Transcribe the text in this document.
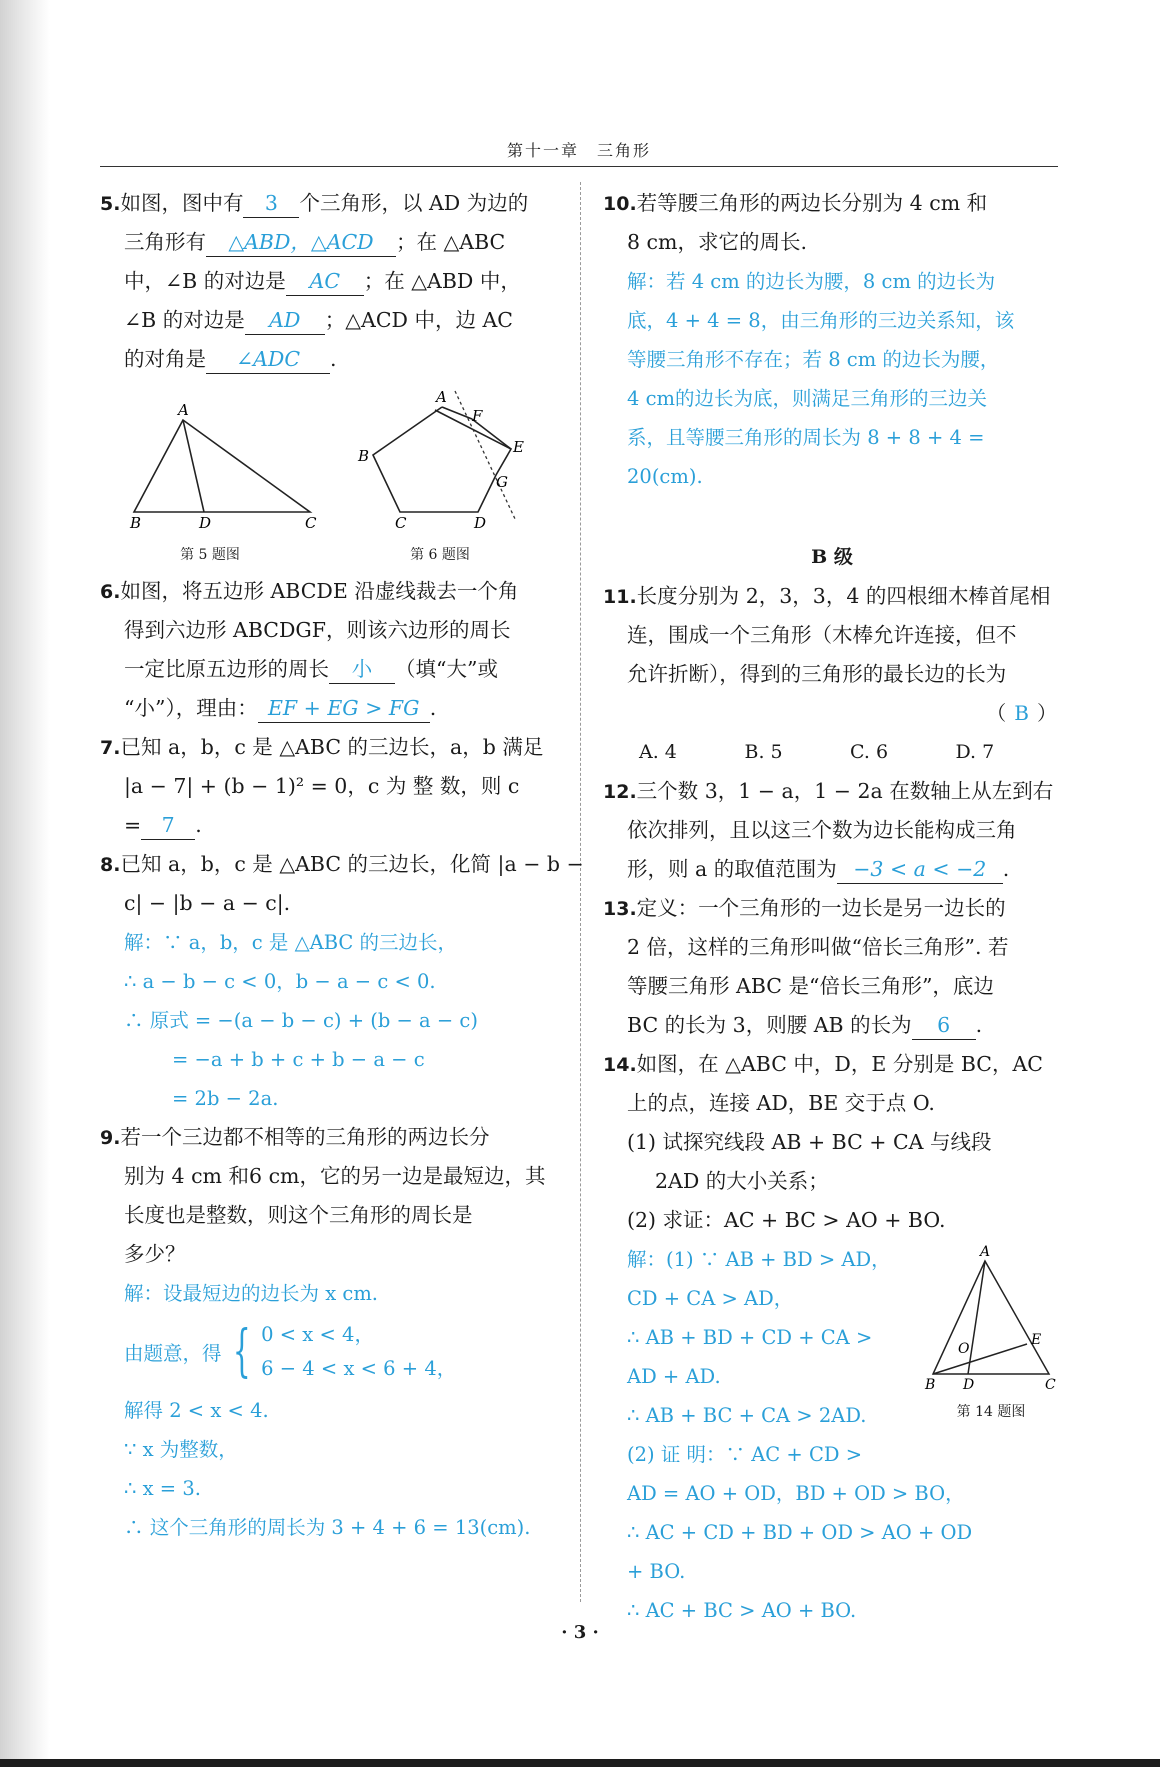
第十一章　三角形
5.如图，图中有 3 个三角形，以 AD 为边的
三角形有 △ABD，△ACD ；在 △ABC
中，∠B 的对边是 AC ；在 △ABD 中，
∠B 的对边是 AD ；△ACD 中，边 AC
的对角是 ∠ADC .
A
B	D	C
A
B
C	D
E
F
G
第 5 题图	第 6 题图
6.如图，将五边形 ABCDE 沿虚线裁去一个角
得到六边形 ABCDGF，则该六边形的周长
一定比原五边形的周长 小 （填“大”或
“小”），理由： EF + EG > FG .
7.已知 a，b，c 是 △ABC 的三边长，a，b 满足
|a − 7| + (b − 1)² = 0，c 为 整 数，则 c
= 7 .
8.已知 a，b，c 是 △ABC 的三边长，化简 |a − b −
c| − |b − a − c|.
解：∵ a，b，c 是 △ABC 的三边长，
∴ a − b − c < 0，b − a − c < 0.
∴ 原式 = −(a − b − c) + (b − a − c)
= −a + b + c + b − a − c
= 2b − 2a.
9.若一个三边都不相等的三角形的两边长分
别为 4 cm 和6 cm，它的另一边是最短边，其
长度也是整数，则这个三角形的周长是
多少？
解：设最短边的边长为 x cm.
由题意，得 { 0 < x < 4，
6 − 4 < x < 6 + 4，
解得 2 < x < 4.
∵ x 为整数，
∴ x = 3.
∴ 这个三角形的周长为 3 + 4 + 6 = 13(cm).
10.若等腰三角形的两边长分别为 4 cm 和
8 cm，求它的周长.
解：若 4 cm 的边长为腰，8 cm 的边长为
底，4 + 4 = 8，由三角形的三边关系知，该
等腰三角形不存在；若 8 cm 的边长为腰，
4 cm的边长为底，则满足三角形的三边关
系，且等腰三角形的周长为 8 + 8 + 4 =
20(cm).
B 级
11.长度分别为 2，3，3，4 的四根细木棒首尾相
连，围成一个三角形（木棒允许连接，但不
允许折断），得到的三角形的最长边的长为
（ B ）
A. 4	B. 5	C. 6	D. 7
12.三个数 3，1 − a，1 − 2a 在数轴上从左到右
依次排列，且以这三个数为边长能构成三角
形，则 a 的取值范围为 −3 < a < −2 .
13.定义：一个三角形的一边长是另一边长的
2 倍，这样的三角形叫做“倍长三角形”. 若
等腰三角形 ABC 是“倍长三角形”，底边
BC 的长为 3，则腰 AB 的长为 6 .
14.如图，在 △ABC 中，D，E 分别是 BC，AC
上的点，连接 AD，BE 交于点 O.
(1) 试探究线段 AB + BC + CA 与线段
2AD 的大小关系；
(2) 求证：AC + BC > AO + BO.
解：(1) ∵ AB + BD > AD，
CD + CA > AD，
∴ AB + BD + CD + CA >
AD + AD.
∴ AB + BC + CA > 2AD.
(2) 证 明：∵ AC + CD >
AD = AO + OD，BD + OD > BO，
∴ AC + CD + BD + OD > AO + OD
+ BO.
∴ AC + BC > AO + BO.
A
B D	C
E
O
第 14 题图
· 3 ·
